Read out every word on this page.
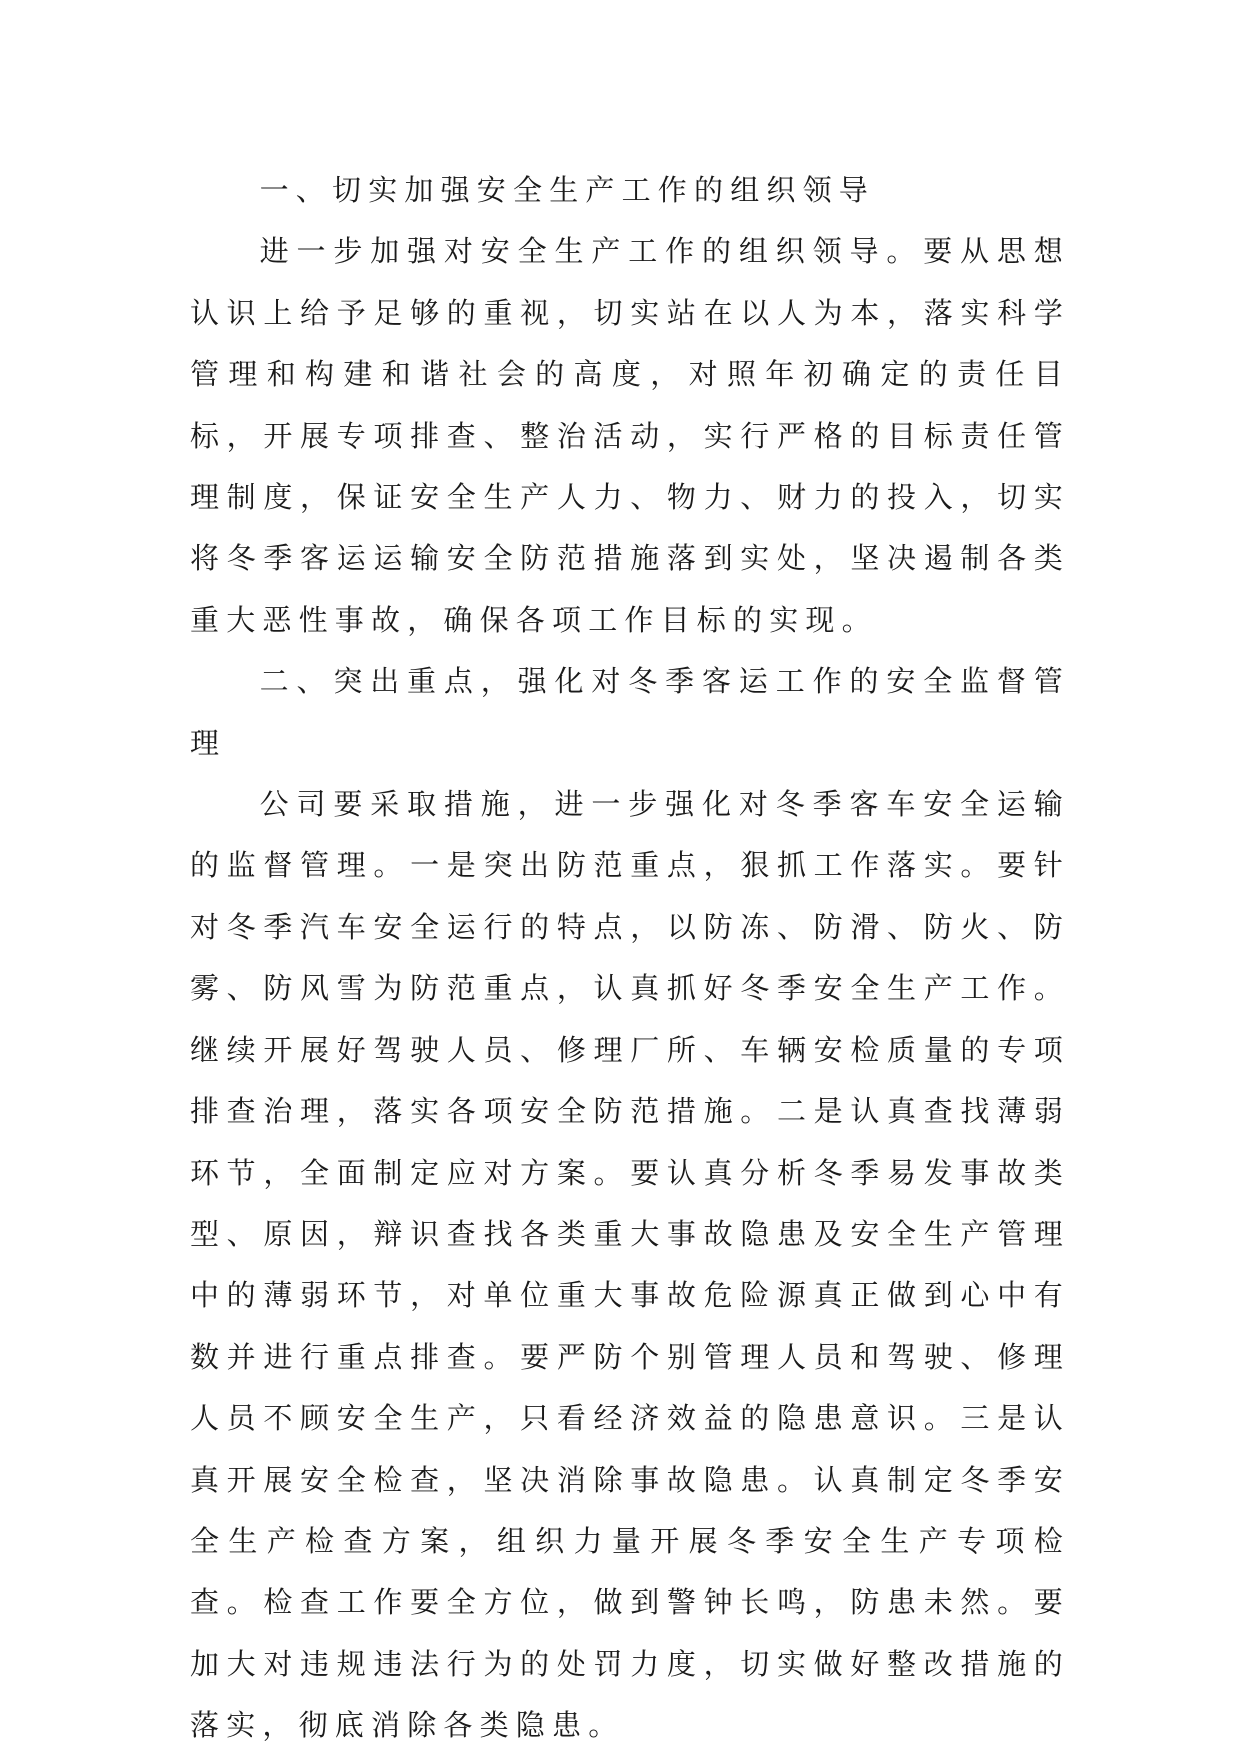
一、切实加强安全生产工作的组织领导

进一步加强对安全生产工作的组织领导。要从思想认识上给予足够的重视，切实站在以人为本，落实科学管理和构建和谐社会的高度，对照年初确定的责任目标，开展专项排查、整治活动，实行严格的目标责任管理制度，保证安全生产人力、物力、财力的投入，切实将冬季客运运输安全防范措施落到实处，坚决遏制各类重大恶性事故，确保各项工作目标的实现。

二、突出重点，强化对冬季客运工作的安全监督管理

公司要采取措施，进一步强化对冬季客车安全运输的监督管理。一是突出防范重点，狠抓工作落实。要针对冬季汽车安全运行的特点，以防冻、防滑、防火、防雾、防风雪为防范重点，认真抓好冬季安全生产工作。继续开展好驾驶人员、修理厂所、车辆安检质量的专项排查治理，落实各项安全防范措施。二是认真查找薄弱环节，全面制定应对方案。要认真分析冬季易发事故类型、原因，辩识查找各类重大事故隐患及安全生产管理中的薄弱环节，对单位重大事故危险源真正做到心中有数并进行重点排查。要严防个别管理人员和驾驶、修理人员不顾安全生产，只看经济效益的隐患意识。三是认真开展安全检查，坚决消除事故隐患。认真制定冬季安全生产检查方案，组织力量开展冬季安全生产专项检查。检查工作要全方位，做到警钟长鸣，防患未然。要加大对违规违法行为的处罚力度，切实做好整改措施的落实，彻底消除各类隐患。
